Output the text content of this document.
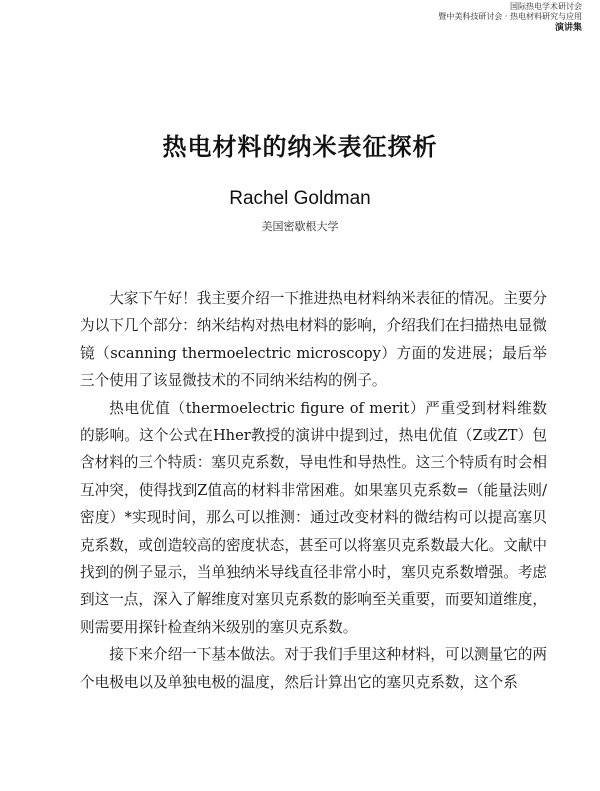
国际热电学术研讨会
暨中美科技研讨会 · 热电材料研究与应用
演讲集
热电材料的纳米表征探析
Rachel Goldman
美国密歇根大学

大家下午好！我主要介绍一下推进热电材料纳米表征的情况。主要分为以下几个部分：纳米结构对热电材料的影响，介绍我们在扫描热电显微镜（scanning thermoelectric microscopy）方面的发进展；最后举三个使用了该显微技术的不同纳米结构的例子。

热电优值（thermoelectric figure of merit）严重受到材料维数的影响。这个公式在Hher教授的演讲中提到过，热电优值（Z或ZT）包含材料的三个特质：塞贝克系数，导电性和导热性。这三个特质有时会相互冲突，使得找到Z值高的材料非常困难。如果塞贝克系数=（能量法则/密度）*实现时间，那么可以推测：通过改变材料的微结构可以提高塞贝克系数，或创造较高的密度状态，甚至可以将塞贝克系数最大化。文献中找到的例子显示，当单独纳米导线直径非常小时，塞贝克系数增强。考虑到这一点，深入了解维度对塞贝克系数的影响至关重要，而要知道维度，则需要用探针检查纳米级别的塞贝克系数。

接下来介绍一下基本做法。对于我们手里这种材料，可以测量它的两个电极电以及单独电极的温度，然后计算出它的塞贝克系数，这个系
